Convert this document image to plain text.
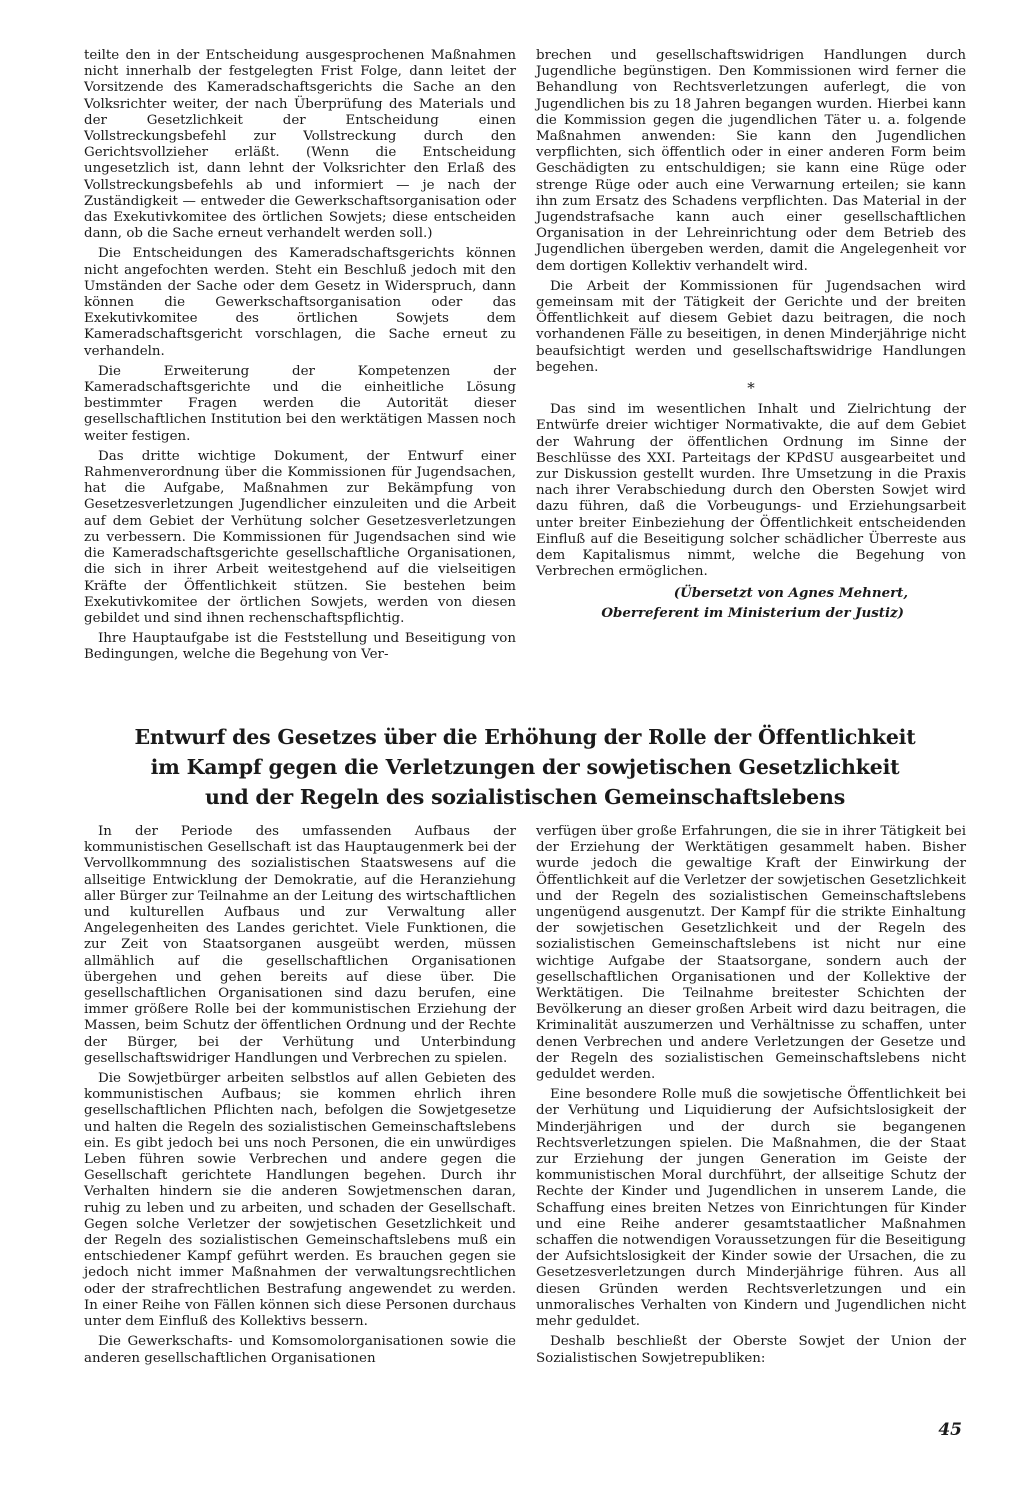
teilte den in der Entscheidung ausgesprochenen Maßnahmen nicht innerhalb der festgelegten Frist Folge, dann leitet der Vorsitzende des Kameradschaftsgerichts die Sache an den Volksrichter weiter, der nach Überprüfung des Materials und der Gesetzlichkeit der Entscheidung einen Vollstreckungsbefehl zur Vollstreckung durch den Gerichtsvollzieher erläßt. (Wenn die Entscheidung ungesetzlich ist, dann lehnt der Volksrichter den Erlaß des Vollstreckungsbefehls ab und informiert — je nach der Zuständigkeit — entweder die Gewerkschaftsorganisation oder das Exekutivkomitee des örtlichen Sowjets; diese entscheiden dann, ob die Sache erneut verhandelt werden soll.)

Die Entscheidungen des Kameradschaftsgerichts können nicht angefochten werden. Steht ein Beschluß jedoch mit den Umständen der Sache oder dem Gesetz in Widerspruch, dann können die Gewerkschaftsorganisation oder das Exekutivkomitee des örtlichen Sowjets dem Kameradschaftsgericht vorschlagen, die Sache erneut zu verhandeln.

Die Erweiterung der Kompetenzen der Kameradschaftsgerichte und die einheitliche Lösung bestimmter Fragen werden die Autorität dieser gesellschaftlichen Institution bei den werktätigen Massen noch weiter festigen.

Das dritte wichtige Dokument, der Entwurf einer Rahmenverordnung über die Kommissionen für Jugendsachen, hat die Aufgabe, Maßnahmen zur Bekämpfung von Gesetzesverletzungen Jugendlicher einzuleiten und die Arbeit auf dem Gebiet der Verhütung solcher Gesetzesverletzungen zu verbessern. Die Kommissionen für Jugendsachen sind wie die Kameradschaftsgerichte gesellschaftliche Organisationen, die sich in ihrer Arbeit weitestgehend auf die vielseitigen Kräfte der Öffentlichkeit stützen. Sie bestehen beim Exekutivkomitee der örtlichen Sowjets, werden von diesen gebildet und sind ihnen rechenschaftspflichtig.

Ihre Hauptaufgabe ist die Feststellung und Beseitigung von Bedingungen, welche die Begehung von Ver-

brechen und gesellschaftswidrigen Handlungen durch Jugendliche begünstigen. Den Kommissionen wird ferner die Behandlung von Rechtsverletzungen auferlegt, die von Jugendlichen bis zu 18 Jahren begangen wurden. Hierbei kann die Kommission gegen die jugendlichen Täter u. a. folgende Maßnahmen anwenden: Sie kann den Jugendlichen verpflichten, sich öffentlich oder in einer anderen Form beim Geschädigten zu entschuldigen; sie kann eine Rüge oder strenge Rüge oder auch eine Verwarnung erteilen; sie kann ihn zum Ersatz des Schadens verpflichten. Das Material in der Jugendstrafsache kann auch einer gesellschaftlichen Organisation in der Lehreinrichtung oder dem Betrieb des Jugendlichen übergeben werden, damit die Angelegenheit vor dem dortigen Kollektiv verhandelt wird.

Die Arbeit der Kommissionen für Jugendsachen wird gemeinsam mit der Tätigkeit der Gerichte und der breiten Öffentlichkeit auf diesem Gebiet dazu beitragen, die noch vorhandenen Fälle zu beseitigen, in denen Minderjährige nicht beaufsichtigt werden und gesellschaftswidrige Handlungen begehen.

*

Das sind im wesentlichen Inhalt und Zielrichtung der Entwürfe dreier wichtiger Normativakte, die auf dem Gebiet der Wahrung der öffentlichen Ordnung im Sinne der Beschlüsse des XXI. Parteitags der KPdSU ausgearbeitet und zur Diskussion gestellt wurden. Ihre Umsetzung in die Praxis nach ihrer Verabschiedung durch den Obersten Sowjet wird dazu führen, daß die Vorbeugungs- und Erziehungsarbeit unter breiter Einbeziehung der Öffentlichkeit entscheidenden Einfluß auf die Beseitigung solcher schädlicher Überreste aus dem Kapitalismus nimmt, welche die Begehung von Verbrechen ermöglichen.

(Übersetzt von Agnes Mehnert,

Oberreferent im Ministerium der Justiz)

Entwurf des Gesetzes über die Erhöhung der Rolle der Öffentlichkeit
im Kampf gegen die Verletzungen der sowjetischen Gesetzlichkeit
und der Regeln des sozialistischen Gemeinschaftslebens

In der Periode des umfassenden Aufbaus der kommunistischen Gesellschaft ist das Hauptaugenmerk bei der Vervollkommnung des sozialistischen Staatswesens auf die allseitige Entwicklung der Demokratie, auf die Heranziehung aller Bürger zur Teilnahme an der Leitung des wirtschaftlichen und kulturellen Aufbaus und zur Verwaltung aller Angelegenheiten des Landes gerichtet. Viele Funktionen, die zur Zeit von Staatsorganen ausgeübt werden, müssen allmählich auf die gesellschaftlichen Organisationen übergehen und gehen bereits auf diese über. Die gesellschaftlichen Organisationen sind dazu berufen, eine immer größere Rolle bei der kommunistischen Erziehung der Massen, beim Schutz der öffentlichen Ordnung und der Rechte der Bürger, bei der Verhütung und Unterbindung gesellschaftswidriger Handlungen und Verbrechen zu spielen.

Die Sowjetbürger arbeiten selbstlos auf allen Gebieten des kommunistischen Aufbaus; sie kommen ehrlich ihren gesellschaftlichen Pflichten nach, befolgen die Sowjetgesetze und halten die Regeln des sozialistischen Gemeinschaftslebens ein. Es gibt jedoch bei uns noch Personen, die ein unwürdiges Leben führen sowie Verbrechen und andere gegen die Gesellschaft gerichtete Handlungen begehen. Durch ihr Verhalten hindern sie die anderen Sowjetmenschen daran, ruhig zu leben und zu arbeiten, und schaden der Gesellschaft. Gegen solche Verletzer der sowjetischen Gesetzlichkeit und der Regeln des sozialistischen Gemeinschaftslebens muß ein entschiedener Kampf geführt werden. Es brauchen gegen sie jedoch nicht immer Maßnahmen der verwaltungsrechtlichen oder der strafrechtlichen Bestrafung angewendet zu werden. In einer Reihe von Fällen können sich diese Personen durchaus unter dem Einfluß des Kollektivs bessern.

Die Gewerkschafts- und Komsomolorganisationen sowie die anderen gesellschaftlichen Organisationen

verfügen über große Erfahrungen, die sie in ihrer Tätigkeit bei der Erziehung der Werktätigen gesammelt haben. Bisher wurde jedoch die gewaltige Kraft der Einwirkung der Öffentlichkeit auf die Verletzer der sowjetischen Gesetzlichkeit und der Regeln des sozialistischen Gemeinschaftslebens ungenügend ausgenutzt. Der Kampf für die strikte Einhaltung der sowjetischen Gesetzlichkeit und der Regeln des sozialistischen Gemeinschaftslebens ist nicht nur eine wichtige Aufgabe der Staatsorgane, sondern auch der gesellschaftlichen Organisationen und der Kollektive der Werktätigen. Die Teilnahme breitester Schichten der Bevölkerung an dieser großen Arbeit wird dazu beitragen, die Kriminalität auszumerzen und Verhältnisse zu schaffen, unter denen Verbrechen und andere Verletzungen der Gesetze und der Regeln des sozialistischen Gemeinschaftslebens nicht geduldet werden.

Eine besondere Rolle muß die sowjetische Öffentlichkeit bei der Verhütung und Liquidierung der Aufsichtslosigkeit der Minderjährigen und der durch sie begangenen Rechtsverletzungen spielen. Die Maßnahmen, die der Staat zur Erziehung der jungen Generation im Geiste der kommunistischen Moral durchführt, der allseitige Schutz der Rechte der Kinder und Jugendlichen in unserem Lande, die Schaffung eines breiten Netzes von Einrichtungen für Kinder und eine Reihe anderer gesamtstaatlicher Maßnahmen schaffen die notwendigen Voraussetzungen für die Beseitigung der Aufsichtslosigkeit der Kinder sowie der Ursachen, die zu Gesetzesverletzungen durch Minderjährige führen. Aus all diesen Gründen werden Rechtsverletzungen und ein unmoralisches Verhalten von Kindern und Jugendlichen nicht mehr geduldet.

Deshalb beschließt der Oberste Sowjet der Union der Sozialistischen Sowjetrepubliken:

45
